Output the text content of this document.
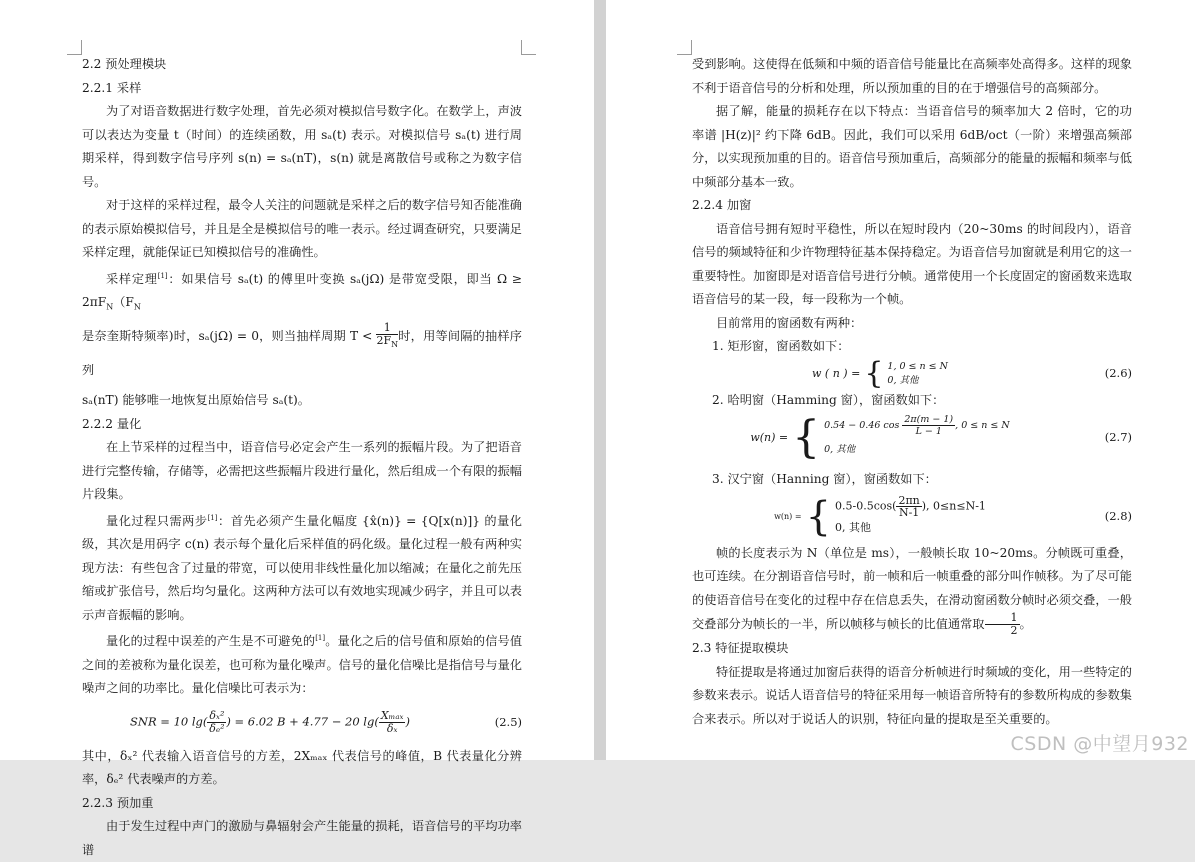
2.2 预处理模块
2.2.1 采样

为了对语音数据进行数字处理，首先必须对模拟信号数字化。在数学上，声波可以表达为变量 t（时间）的连续函数，用 sₐ(t) 表示。对模拟信号 sₐ(t) 进行周期采样，得到数字信号序列 s(n) = sₐ(nT)，s(n) 就是离散信号或称之为数字信号。

对于这样的采样过程，最令人关注的问题就是采样之后的数字信号知否能准确的表示原始模拟信号，并且是全是模拟信号的唯一表示。经过调查研究，只要满足采样定理，就能保证已知模拟信号的准确性。

采样定理[1]：如果信号 sₐ(t) 的傅里叶变换 sₐ(jΩ) 是带宽受限，即当 $\Omega \ge 2\pi F_N(F_N$

是奈奎斯特频率)时，sₐ(jΩ) = 0，则当抽样周期 $T < \frac{1}{2F_N}$ 时，用等间隔的抽样序列

sₐ(nT) 能够唯一地恢复出原始信号 sₐ(t)。

2.2.2 量化

在上节采样的过程当中，语音信号必定会产生一系列的振幅片段。为了把语音进行完整传输，存储等，必需把这些振幅片段进行量化，然后组成一个有限的振幅片段集。

量化过程只需两步[1]：首先必须产生量化幅度 {x̂(n)} = {Q[x(n)]} 的量化级，其次是用码字 c(n) 表示每个量化后采样值的码化级。量化过程一般有两种实现方法：有些包含了过量的带宽，可以使用非线性量化加以缩减；在量化之前先压缩或扩张信号，然后均匀量化。这两种方法可以有效地实现减少码字，并且可以表示声音振幅的影响。

量化的过程中误差的产生是不可避免的[1]。量化之后的信号值和原始的信号值之间的差被称为量化误差，也可称为量化噪声。信号的量化信噪比是指信号与量化噪声之间的功率比。量化信噪比可表示为：

SNR = 10 $\lg( \frac{\text{δₓ²}}{\text{δₑ²}}$ ) = 6.02 B + 4.77 − 20 $\lg( \frac{\text{Xₘₐₓ}}{\text{δₓ}}$ )	(2.5)

其中，δₓ² 代表输入语音信号的方差，2Xₘₐₓ 代表信号的峰值，B 代表量化分辨率，δₑ² 代表噪声的方差。

2.2.3 预加重

由于发生过程中声门的激励与鼻辐射会产生能量的损耗，语音信号的平均功率谱

受到影响。这使得在低频和中频的语音信号能量比在高频率处高得多。这样的现象不利于语音信号的分析和处理，所以预加重的目的在于增强信号的高频部分。

据了解，能量的损耗存在以下特点：当语音信号的频率加大 2 倍时，它的功率谱 |H(z)|² 约下降 6dB。因此，我们可以采用 6dB/oct（一阶）来增强高频部分，以实现预加重的目的。语音信号预加重后，高频部分的能量的振幅和频率与低中频部分基本一致。

2.2.4 加窗

语音信号拥有短时平稳性，所以在短时段内（20~30ms 的时间段内），语音信号的频域特征和少许物理特征基本保持稳定。为语音信号加窗就是利用它的这一重要特性。加窗即是对语音信号进行分帧。通常使用一个长度固定的窗函数来选取语音信号的某一段，每一段称为一个帧。

目前常用的窗函数有两种：

1. 矩形窗，窗函数如下：
w ( n ) = { 1, 0 ≤ n ≤ N
0, 其他
(2.6)
2. 哈明窗（Hamming 窗），窗函数如下：
w(n) = { 0.54 − 0.46 $\cos \frac{2\pi(m - 1)}{L - 1}$ , 0 ≤ n ≤ N
0, 其他
(2.7)
3. 汉宁窗（Hanning 窗），窗函数如下：
w(n) = { $0.5-0.5\cos( \frac{2\pi n}{N-1}$ ), 0≤n≤N-1
0, 其他
(2.8)

帧的长度表示为 N（单位是 ms），一般帧长取 10~20ms。分帧既可重叠，也可连续。在分割语音信号时，前一帧和后一帧重叠的部分叫作帧移。为了尽可能的使语音信号在变化的过程中存在信息丢失，在滑动窗函数分帧时必须交叠，一般交叠部分为帧长的一半，所以帧移与帧长的比值通常取 $\frac{1}{2}$ 。

2.3 特征提取模块

特征提取是将通过加窗后获得的语音分析帧进行时频域的变化，用一些特定的参数来表示。说话人语音信号的特征采用每一帧语音所特有的参数所构成的参数集合来表示。所以对于说话人的识别，特征向量的提取是至关重要的。

CSDN @中望月932
